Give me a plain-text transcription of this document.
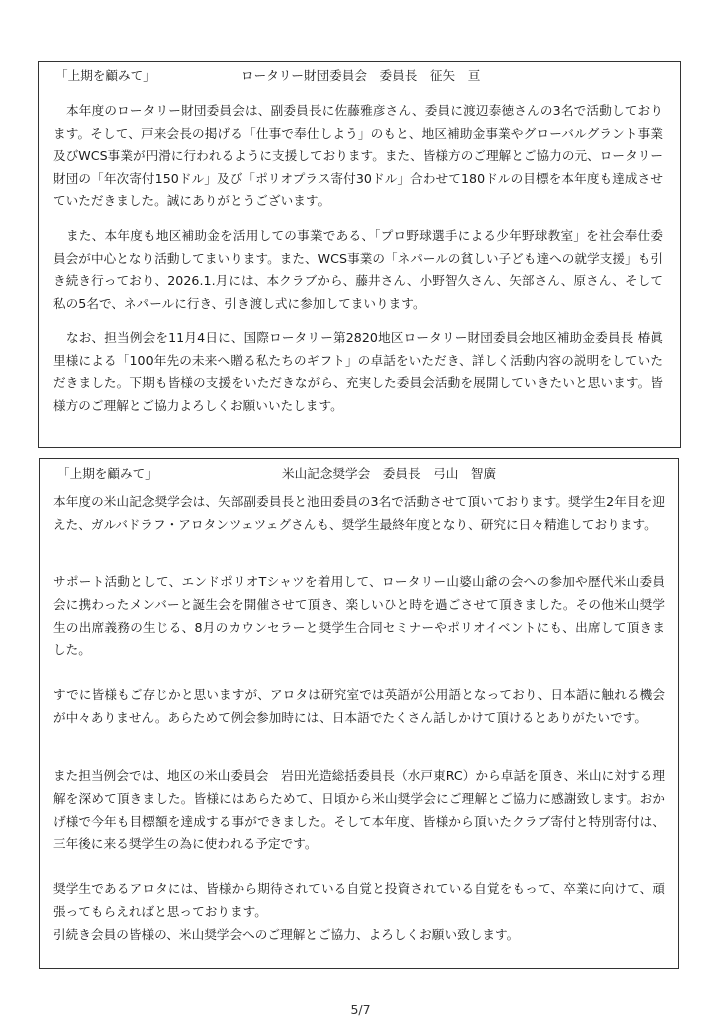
「上期を顧みて」	ロータリー財団委員会　委員長　征矢　亘

本年度のロータリー財団委員会は、副委員長に佐藤雅彦さん、委員に渡辺泰徳さんの3名で活動しております。そして、戸来会長の掲げる「仕事で奉仕しよう」のもと、地区補助金事業やグローバルグラント事業及びWCS事業が円滑に行われるように支援しております。また、皆様方のご理解とご協力の元、ロータリー財団の「年次寄付150ドル」及び「ポリオプラス寄付30ドル」合わせて180ドルの目標を本年度も達成させていただきました。誠にありがとうございます。

また、本年度も地区補助金を活用しての事業である、「プロ野球選手による少年野球教室」を社会奉仕委員会が中心となり活動してまいります。また、WCS事業の「ネパールの貧しい子ども達への就学支援」も引き続き行っており、2026.1.月には、本クラブから、藤井さん、小野智久さん、矢部さん、原さん、そして私の5名で、ネパールに行き、引き渡し式に参加してまいります。

なお、担当例会を11月4日に、国際ロータリー第2820地区ロータリー財団委員会地区補助金委員長 椿眞里様による「100年先の未来へ贈る私たちのギフト」の卓話をいただき、詳しく活動内容の説明をしていただきました。下期も皆様の支援をいただきながら、充実した委員会活動を展開していきたいと思います。皆様方のご理解とご協力よろしくお願いいたします。

「上期を顧みて」	米山記念奨学会　委員長　弓山　智廣

本年度の米山記念奨学会は、矢部副委員長と池田委員の3名で活動させて頂いております。奨学生2年目を迎えた、ガルバドラフ・アロタンツェツェグさんも、奨学生最終年度となり、研究に日々精進しております。

サポート活動として、エンドポリオTシャツを着用して、ロータリー山婆山爺の会への参加や歴代米山委員会に携わったメンバーと誕生会を開催させて頂き、楽しいひと時を過ごさせて頂きました。その他米山奨学生の出席義務の生じる、8月のカウンセラーと奨学生合同セミナーやポリオイベントにも、出席して頂きました。

すでに皆様もご存じかと思いますが、アロタは研究室では英語が公用語となっており、日本語に触れる機会が中々ありません。あらためて例会参加時には、日本語でたくさん話しかけて頂けるとありがたいです。

また担当例会では、地区の米山委員会　岩田光造総括委員長（水戸東RC）から卓話を頂き、米山に対する理解を深めて頂きました。皆様にはあらためて、日頃から米山奨学会にご理解とご協力に感謝致します。おかげ様で今年も目標額を達成する事ができました。そして本年度、皆様から頂いたクラブ寄付と特別寄付は、三年後に来る奨学生の為に使われる予定です。

奨学生であるアロタには、皆様から期待されている自覚と投資されている自覚をもって、卒業に向けて、頑張ってもらえればと思っております。
引続き会員の皆様の、米山奨学会へのご理解とご協力、よろしくお願い致します。

5/7
